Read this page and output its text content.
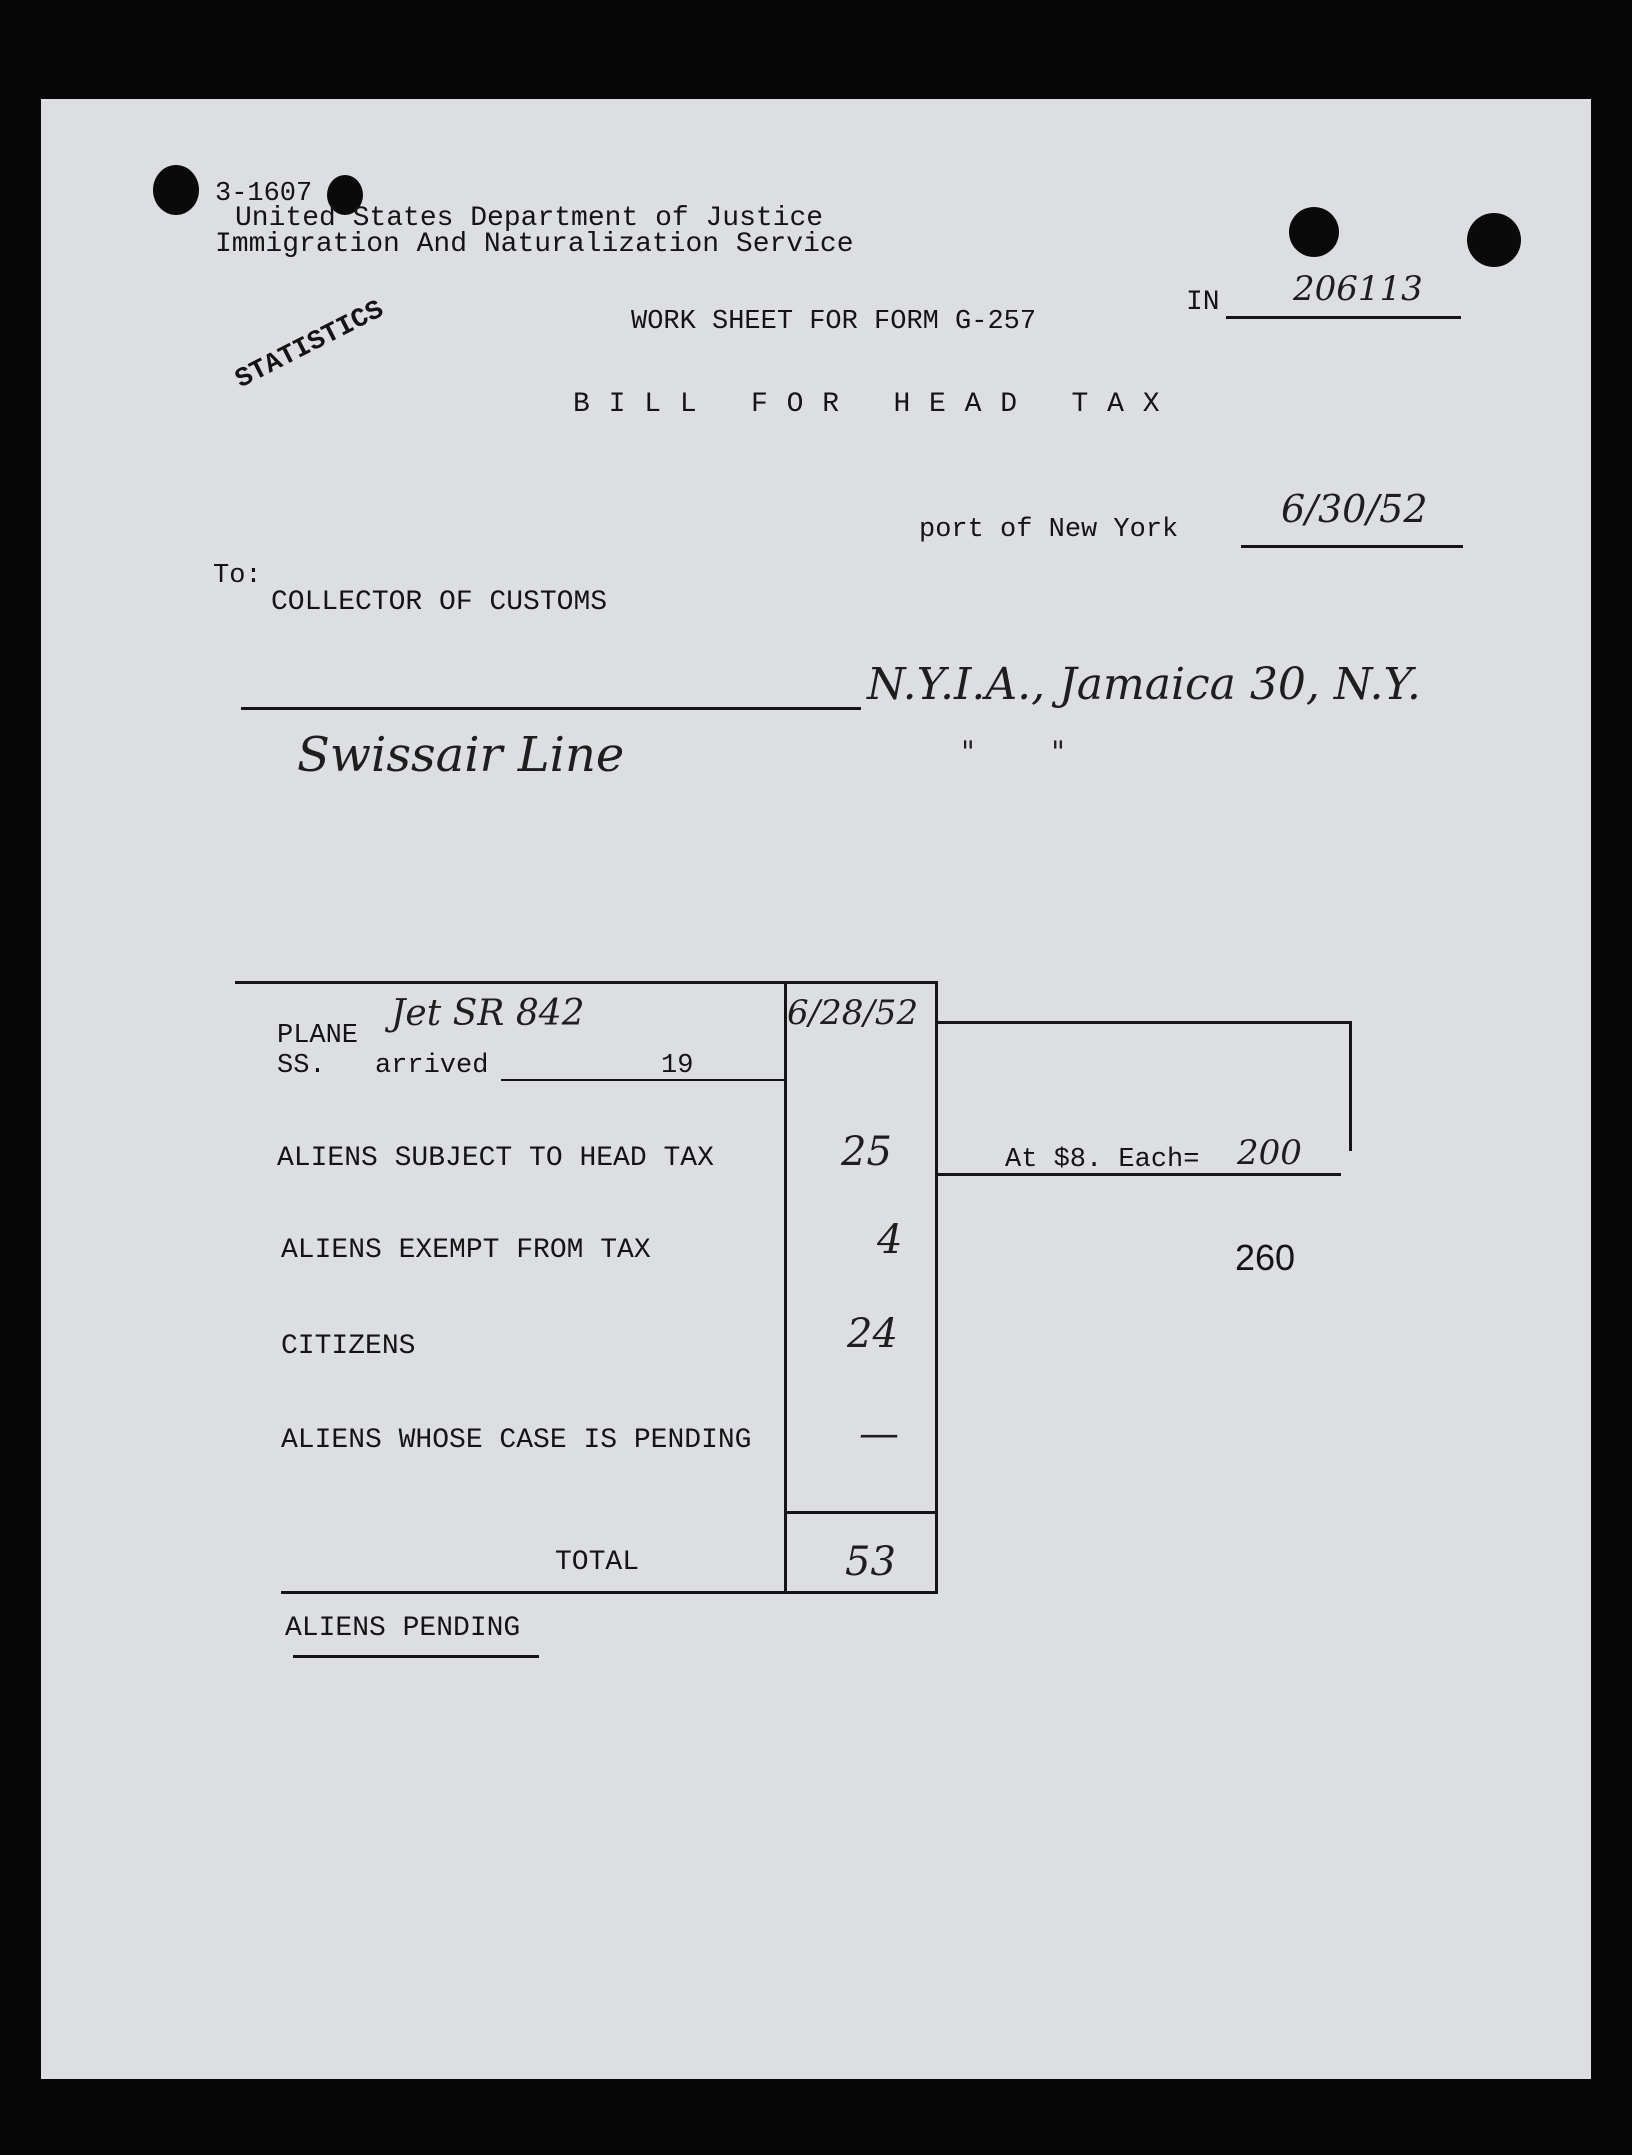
3-1607
United States Department of Justice
Immigration And Naturalization Service
WORK SHEET FOR FORM G-257
IN 206113
STATISTICS
B I L L   F O R   H E A D   T A X
port of New York	6/30/52
To:
COLLECTOR OF CUSTOMS
N.Y.I.A., Jamaica 30, N.Y.
Swissair Line	"        "
PLANE
Jet SR 842	6/28/52
SS. arrived	19
ALIENS SUBJECT TO HEAD TAX	25	At $8. Each= 200
ALIENS EXEMPT FROM TAX	4	260
CITIZENS	24
ALIENS WHOSE CASE IS PENDING	—
TOTAL	53
ALIENS PENDING
